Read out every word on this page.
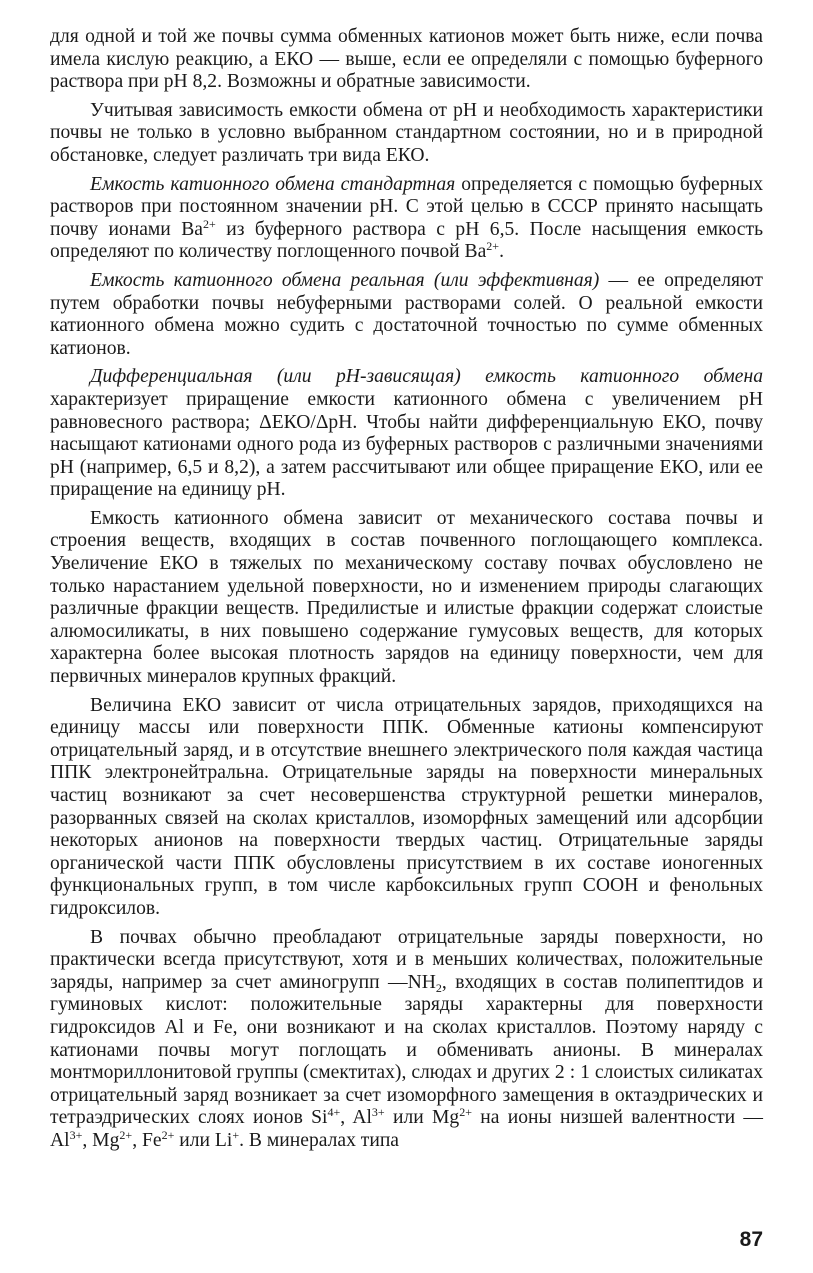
для одной и той же почвы сумма обменных катионов может быть ниже, если почва имела кислую реакцию, а ЕКО — выше, если ее определяли с помощью буферного раствора при pH 8,2. Возможны и обратные зависимости.

Учитывая зависимость емкости обмена от pH и необходимость характеристики почвы не только в условно выбранном стандартном состоянии, но и в природной обстановке, следует различать три вида ЕКО.

Емкость катионного обмена стандартная определяется с помощью буферных растворов при постоянном значении pH. С этой целью в СССР принято насыщать почву ионами $Ba^{2+}$ из буферного раствора с pH 6,5. После насыщения емкость определяют по количеству поглощенного почвой $Ba^{2+}$.

Емкость катионного обмена реальная (или эффективная) — ее определяют путем обработки почвы небуферными растворами солей. О реальной емкости катионного обмена можно судить с достаточной точностью по сумме обменных катионов.

Дифференциальная (или pH-зависящая) емкость катионного обмена характеризует приращение емкости катионного обмена с увеличением pH равновесного раствора; ΔЕКО/ΔpH. Чтобы найти дифференциальную ЕКО, почву насыщают катионами одного рода из буферных растворов с различными значениями pH (например, 6,5 и 8,2), а затем рассчитывают или общее приращение ЕКО, или ее приращение на единицу pH.

Емкость катионного обмена зависит от механического состава почвы и строения веществ, входящих в состав почвенного поглощающего комплекса. Увеличение ЕКО в тяжелых по механическому составу почвах обусловлено не только нарастанием удельной поверхности, но и изменением природы слагающих различные фракции веществ. Предилистые и илистые фракции содержат слоистые алюмосиликаты, в них повышено содержание гумусовых веществ, для которых характерна более высокая плотность зарядов на единицу поверхности, чем для первичных минералов крупных фракций.

Величина ЕКО зависит от числа отрицательных зарядов, приходящихся на единицу массы или поверхности ППК. Обменные катионы компенсируют отрицательный заряд, и в отсутствие внешнего электрического поля каждая частица ППК электронейтральна. Отрицательные заряды на поверхности минеральных частиц возникают за счет несовершенства структурной решетки минералов, разорванных связей на сколах кристаллов, изоморфных замещений или адсорбции некоторых анионов на поверхности твердых частиц. Отрицательные заряды органической части ППК обусловлены присутствием в их составе ионогенных функциональных групп, в том числе карбоксильных групп COOH и фенольных гидроксилов.

В почвах обычно преобладают отрицательные заряды поверхности, но практически всегда присутствуют, хотя и в меньших количествах, положительные заряды, например за счет аминогрупп $—NH_2$, входящих в состав полипептидов и гуминовых кислот: положительные заряды характерны для поверхности гидроксидов Al и Fe, они возникают и на сколах кристаллов. Поэтому наряду с катионами почвы могут поглощать и обменивать анионы. В минералах монтмориллонитовой группы (смектитах), слюдах и других 2 : 1 слоистых силикатах отрицательный заряд возникает за счет изоморфного замещения в октаэдрических и тетраэдрических слоях ионов $Si^{4+}$, $Al^{3+}$ или $Mg^{2+}$ на ионы низшей валентности — $Al^{3+}$, $Mg^{2+}$, $Fe^{2+}$ или Li+. В минералах типа

87
